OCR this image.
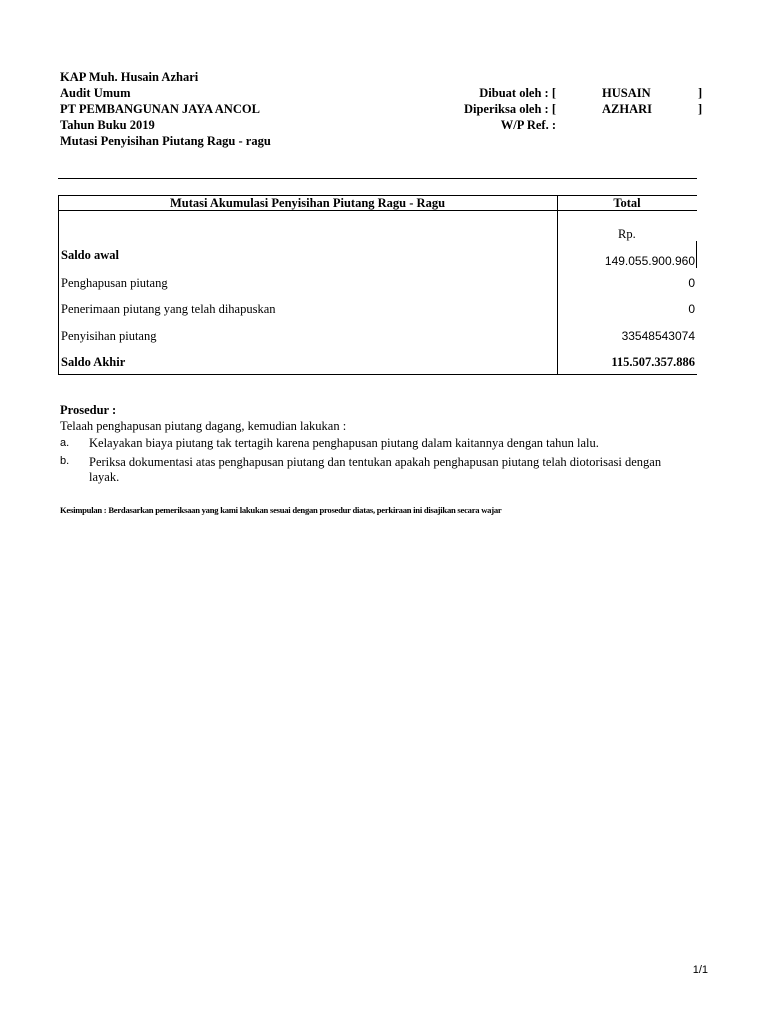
KAP Muh. Husain Azhari
Audit Umum
PT PEMBANGUNAN JAYA ANCOL
Tahun Buku 2019
Mutasi Penyisihan Piutang Ragu - ragu
Dibuat oleh : [	HUSAIN	]
Diperiksa oleh : [	AZHARI	]
W/P Ref. :
Mutasi Akumulasi Penyisihan Piutang Ragu - Ragu	Total
Rp.
Saldo awal	149.055.900.960
Penghapusan piutang	0
Penerimaan piutang yang telah dihapuskan	0
Penyisihan piutang	33548543074
Saldo Akhir	115.507.357.886
Prosedur :
Telaah penghapusan piutang dagang, kemudian lakukan :
a. Kelayakan biaya piutang tak tertagih karena penghapusan piutang dalam kaitannya dengan tahun lalu.
b. Periksa dokumentasi atas penghapusan piutang dan tentukan apakah penghapusan piutang telah diotorisasi dengan layak.
Kesimpulan : Berdasarkan pemeriksaan yang kami lakukan sesuai dengan prosedur diatas, perkiraan ini disajikan secara wajar
1/1
